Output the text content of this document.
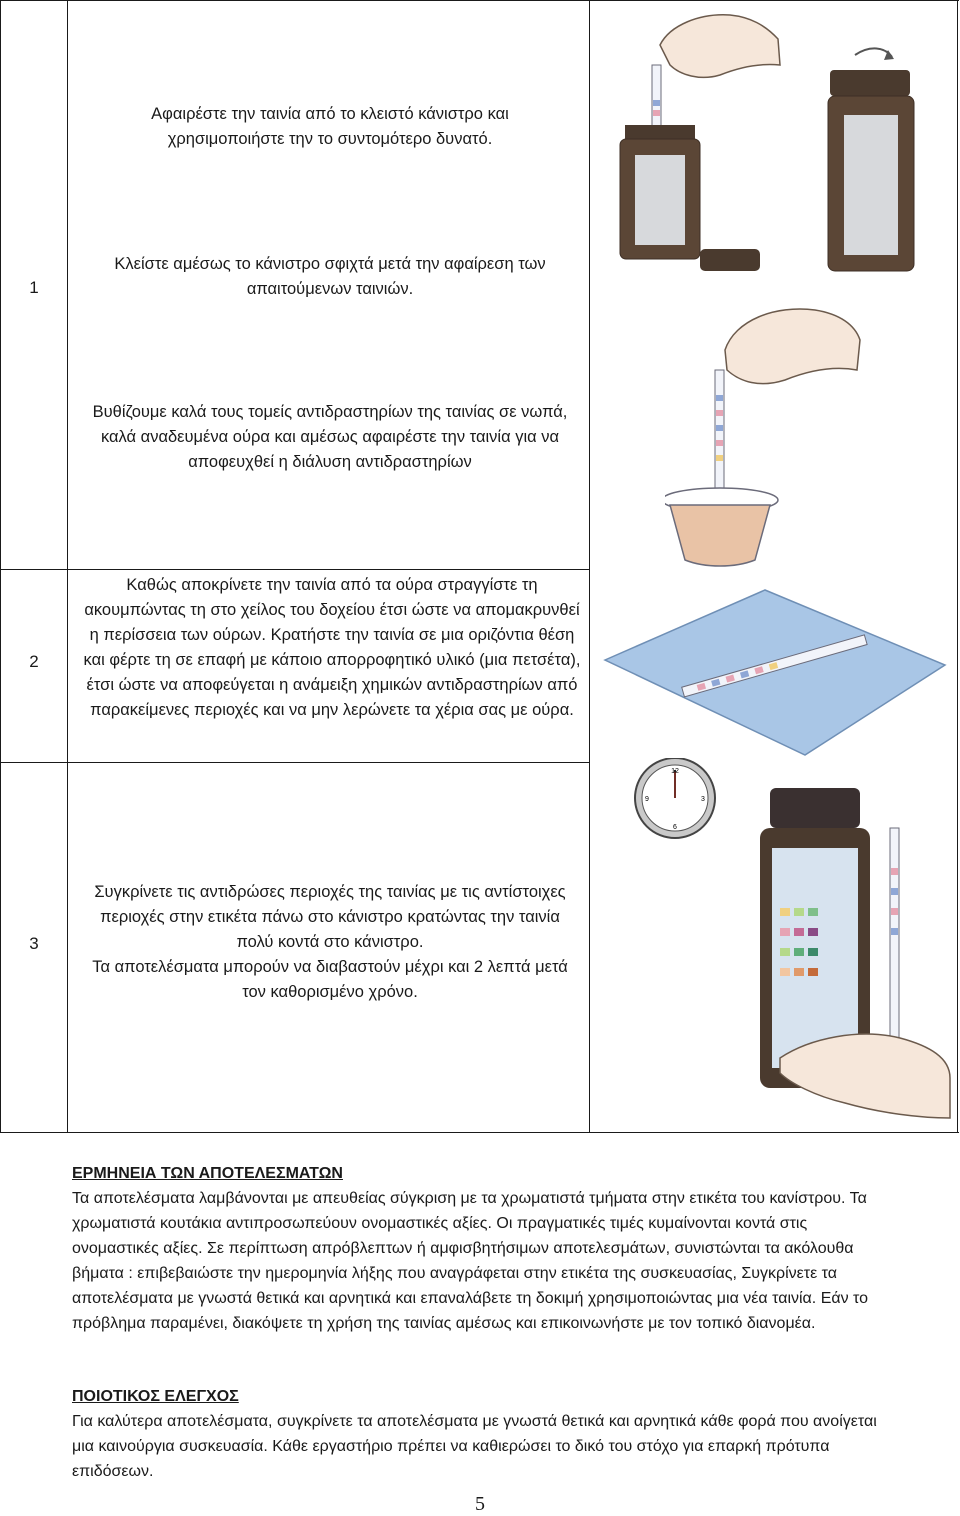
1
Αφαιρέστε την ταινία από το κλειστό κάνιστρο και χρησιμοποιήστε την το συντομότερο δυνατό.
Κλείστε αμέσως το κάνιστρο σφιχτά μετά την αφαίρεση των απαιτούμενων ταινιών.
Βυθίζουμε καλά τους τομείς αντιδραστηρίων της ταινίας σε νωπά, καλά αναδευμένα ούρα και αμέσως αφαιρέστε την ταινία για να αποφευχθεί η διάλυση αντιδραστηρίων
2
Καθώς αποκρίνετε την ταινία από τα ούρα στραγγίστε τη ακουμπώντας τη στο χείλος του δοχείου έτσι ώστε να απομακρυνθεί η περίσσεια των ούρων. Κρατήστε την ταινία σε μια οριζόντια θέση και φέρτε τη σε επαφή με κάποιο απορροφητικό υλικό (μια πετσέτα), έτσι ώστε να αποφεύγεται η ανάμειξη χημικών αντιδραστηρίων από παρακείμενες περιοχές και να μην λερώνετε τα χέρια σας με ούρα.
3
Συγκρίνετε τις αντιδρώσες περιοχές της ταινίας με τις αντίστοιχες περιοχές στην ετικέτα πάνω στο κάνιστρο κρατώντας την ταινία πολύ κοντά στο κάνιστρο.
Τα αποτελέσματα μπορούν να διαβαστούν μέχρι και 2 λεπτά μετά τον καθορισμένο χρόνο.
12
3
6
9
ΕΡΜΗΝΕΙΑ ΤΩΝ ΑΠΟΤΕΛΕΣΜΑΤΩΝ

Τα αποτελέσματα λαμβάνονται με απευθείας σύγκριση με τα χρωματιστά τμήματα στην ετικέτα του κανίστρου. Τα χρωματιστά κουτάκια αντιπροσωπεύουν ονομαστικές αξίες. Οι πραγματικές τιμές κυμαίνονται κοντά στις ονομαστικές αξίες. Σε περίπτωση απρόβλεπτων ή αμφισβητήσιμων αποτελεσμάτων, συνιστώνται τα ακόλουθα βήματα : επιβεβαιώστε την ημερομηνία λήξης που αναγράφεται στην ετικέτα της συσκευασίας, Συγκρίνετε τα αποτελέσματα με γνωστά θετικά και αρνητικά και επαναλάβετε τη δοκιμή χρησιμοποιώντας μια νέα ταινία. Εάν το πρόβλημα παραμένει, διακόψετε τη χρήση της ταινίας αμέσως και επικοινωνήστε με τον τοπικό διανομέα.

ΠΟΙΟΤΙΚΟΣ ΕΛΕΓΧΟΣ

Για καλύτερα αποτελέσματα, συγκρίνετε τα αποτελέσματα με γνωστά θετικά και αρνητικά κάθε φορά που ανοίγεται μια καινούργια συσκευασία. Κάθε εργαστήριο πρέπει να καθιερώσει το δικό του στόχο για επαρκή πρότυπα επιδόσεων.

5
